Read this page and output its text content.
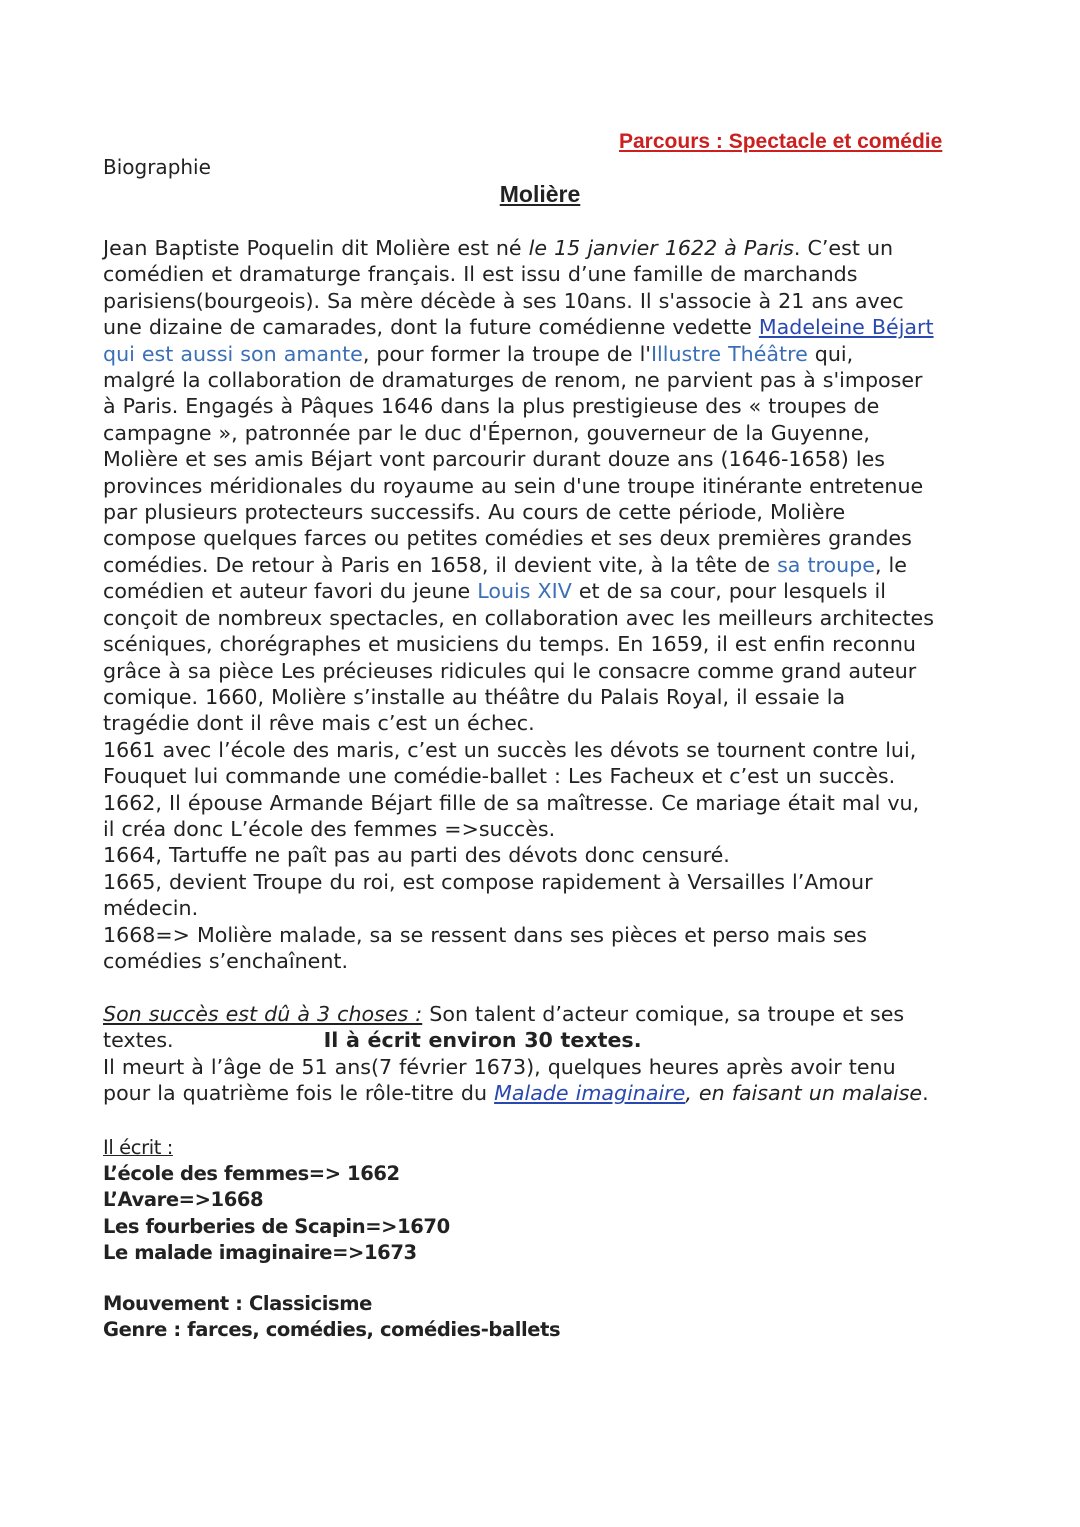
Parcours : Spectacle et comédie
Biographie
Molière
Jean Baptiste Poquelin dit Molière est né le 15 janvier 1622 à Paris. C’est un
comédien et dramaturge français. Il est issu d’une famille de marchands
parisiens(bourgeois). Sa mère décède à ses 10ans. Il s'associe à 21 ans avec
une dizaine de camarades, dont la future comédienne vedette Madeleine Béjart
qui est aussi son amante, pour former la troupe de l'Illustre Théâtre qui,
malgré la collaboration de dramaturges de renom, ne parvient pas à s'imposer
à Paris. Engagés à Pâques 1646 dans la plus prestigieuse des « troupes de
campagne », patronnée par le duc d'Épernon, gouverneur de la Guyenne,
Molière et ses amis Béjart vont parcourir durant douze ans (1646-1658) les
provinces méridionales du royaume au sein d'une troupe itinérante entretenue
par plusieurs protecteurs successifs. Au cours de cette période, Molière
compose quelques farces ou petites comédies et ses deux premières grandes
comédies. De retour à Paris en 1658, il devient vite, à la tête de sa troupe, le
comédien et auteur favori du jeune Louis XIV et de sa cour, pour lesquels il
conçoit de nombreux spectacles, en collaboration avec les meilleurs architectes
scéniques, chorégraphes et musiciens du temps. En 1659, il est enfin reconnu
grâce à sa pièce Les précieuses ridicules qui le consacre comme grand auteur
comique. 1660, Molière s’installe au théâtre du Palais Royal, il essaie la
tragédie dont il rêve mais c’est un échec.
1661 avec l’école des maris, c’est un succès les dévots se tournent contre lui,
Fouquet lui commande une comédie-ballet : Les Facheux et c’est un succès.
1662, Il épouse Armande Béjart fille de sa maîtresse. Ce mariage était mal vu,
il créa donc L’école des femmes =>succès.
1664, Tartuffe ne paît pas au parti des dévots donc censuré.
1665, devient Troupe du roi, est compose rapidement à Versailles l’Amour
médecin.
1668=> Molière malade, sa se ressent dans ses pièces et perso mais ses
comédies s’enchaînent.
Son succès est dû à 3 choses : Son talent d’acteur comique, sa troupe et ses
textes.	Il à écrit environ 30 textes.
Il meurt à l’âge de 51 ans(7 février 1673), quelques heures après avoir tenu
pour la quatrième fois le rôle-titre du Malade imaginaire, en faisant un malaise.
Il écrit :
L’école des femmes=> 1662
L’Avare=>1668
Les fourberies de Scapin=>1670
Le malade imaginaire=>1673
Mouvement : Classicisme
Genre : farces, comédies, comédies-ballets
